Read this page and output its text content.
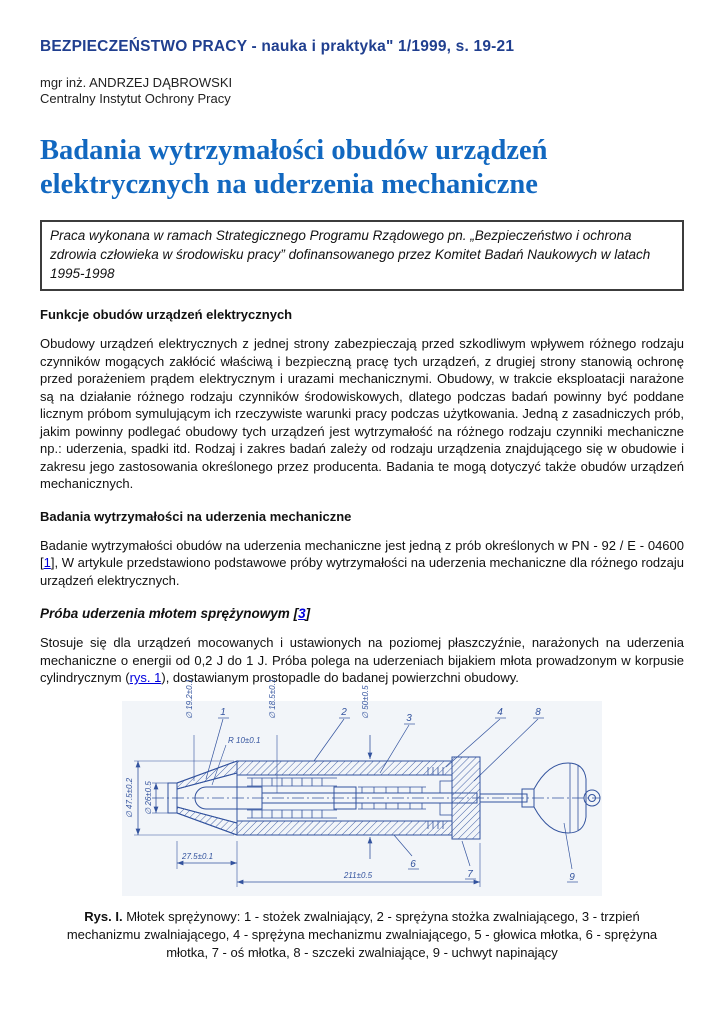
BEZPIECZEŃSTWO PRACY - nauka i praktyka" 1/1999, s. 19-21
mgr inż. ANDRZEJ DĄBROWSKI
Centralny Instytut Ochrony Pracy
Badania wytrzymałości obudów urządzeń elektrycznych na uderzenia mechaniczne
Praca wykonana w ramach Strategicznego Programu Rządowego pn. „Bezpieczeństwo i ochrona zdrowia człowieka w środowisku pracy” dofinansowanego przez Komitet Badań Naukowych w latach 1995-1998
Funkcje obudów urządzeń elektrycznych

Obudowy urządzeń elektrycznych z jednej strony zabezpieczają przed szkodliwym wpływem różnego rodzaju czynników mogących zakłócić właściwą i bezpieczną pracę tych urządzeń, z drugiej strony stanowią ochronę przed porażeniem prądem elektrycznym i urazami mechanicznymi. Obudowy, w trakcie eksploatacji narażone są na działanie różnego rodzaju czynników środowiskowych, dlatego podczas badań powinny być poddane licznym próbom symulującym ich rzeczywiste warunki pracy podczas użytkowania. Jedną z zasadniczych prób, jakim powinny podlegać obudowy tych urządzeń jest wytrzymałość na różnego rodzaju czynniki mechaniczne np.: uderzenia, spadki itd. Rodzaj i zakres badań zależy od rodzaju urządzenia znajdującego się w obudowie i zakresu jego zastosowania określonego przez producenta. Badania te mogą dotyczyć także obudów urządzeń mechanicznych.

Badania wytrzymałości na uderzenia mechaniczne

Badanie wytrzymałości obudów na uderzenia mechaniczne jest jedną z prób określonych w PN - 92 / E - 04600 [1], W artykule przedstawiono podstawowe próby wytrzymałości na uderzenia mechaniczne dla różnego rodzaju urządzeń elektrycznych.

Próba uderzenia młotem sprężynowym [3]

Stosuje się dla urządzeń mocowanych i ustawionych na poziomej płaszczyźnie, narażonych na uderzenia mechaniczne o energii od 0,2 J do 1 J. Próba polega na uderzeniach bijakiem młota prowadzonym w korpusie cylindrycznym (rys. 1), dostawianym prostopadle do badanej powierzchni obudowy.

∅ 47.5±0.2 ∅ 26±0.5
∅ 19.2±0.1	∅ 18.5±0.1	∅ 50±0.5
R 10±0.1
27.5±0.1
211±0.5
1	2
3
4	8
6
7	9
Rys. I. Młotek sprężynowy: 1 - stożek zwalniający, 2 - sprężyna stożka zwalniającego, 3 - trzpień mechanizmu zwalniającego, 4 - sprężyna mechanizmu zwalniającego, 5 - głowica młotka, 6 - sprężyna młotka, 7 - oś młotka, 8 - szczeki zwalniające, 9 - uchwyt napinający
